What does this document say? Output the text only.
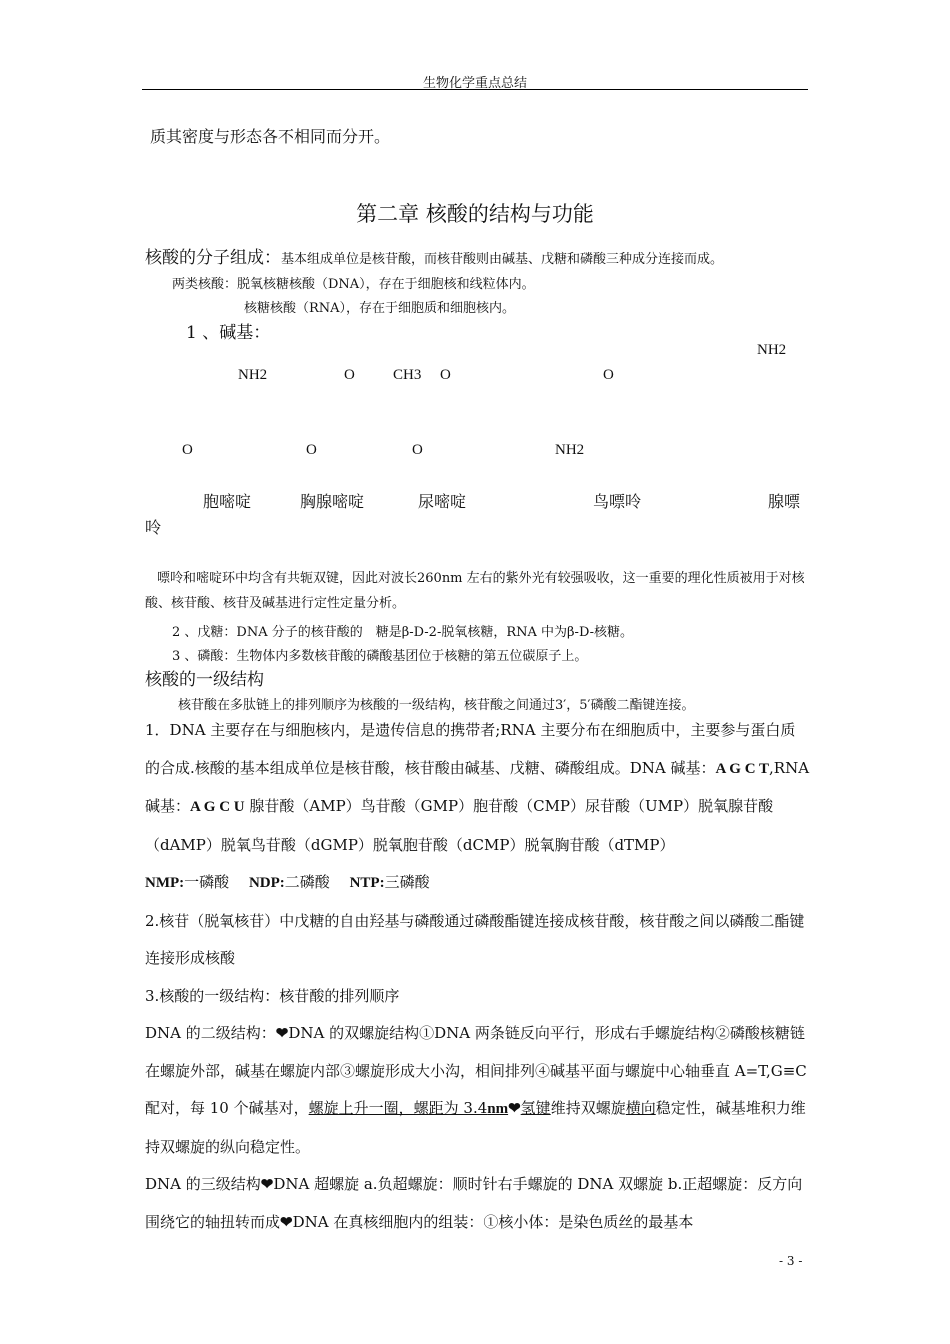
生物化学重点总结
质其密度与形态各不相同而分开。
第二章 核酸的结构与功能
核酸的分子组成：基本组成单位是核苷酸，而核苷酸则由碱基、戊糖和磷酸三种成分连接而成。
两类核酸：脱氧核糖核酸（DNA），存在于细胞核和线粒体内。
核糖核酸（RNA），存在于细胞质和细胞核内。
1 、碱基：
NH2
NH2	O	CH3 O	O
O	O	O	NH2
胞嘧啶	胸腺嘧啶	尿嘧啶	鸟嘌呤	腺嘌
呤
嘌呤和嘧啶环中均含有共轭双键，因此对波长260nm 左右的紫外光有较强吸收，这一重要的理化性质被用于对核酸、核苷酸、核苷及碱基进行定性定量分析。
2 、戊糖：DNA 分子的核苷酸的　糖是β-D-2-脱氧核糖，RNA 中为β-D-核糖。
3 、磷酸：生物体内多数核苷酸的磷酸基团位于核糖的第五位碳原子上。
核酸的一级结构
核苷酸在多肽链上的排列顺序为核酸的一级结构，核苷酸之间通过3′，5′磷酸二酯键连接。

1．DNA 主要存在与细胞核内，是遗传信息的携带者;RNA 主要分布在细胞质中，主要参与蛋白质的合成.核酸的基本组成单位是核苷酸，核苷酸由碱基、戊糖、磷酸组成。DNA 碱基：A G C T,RNA 碱基：A G C U 腺苷酸（AMP）鸟苷酸（GMP）胞苷酸（CMP）尿苷酸（UMP）脱氧腺苷酸（dAMP）脱氧鸟苷酸（dGMP）脱氧胞苷酸（dCMP）脱氧胸苷酸（dTMP）

NMP:一磷酸　 NDP:二磷酸　 NTP:三磷酸

2.核苷（脱氧核苷）中戊糖的自由羟基与磷酸通过磷酸酯键连接成核苷酸，核苷酸之间以磷酸二酯键连接形成核酸

3.核酸的一级结构：核苷酸的排列顺序

DNA 的二级结构：❤DNA 的双螺旋结构①DNA 两条链反向平行，形成右手螺旋结构②磷酸核糖链在螺旋外部，碱基在螺旋内部③螺旋形成大小沟，相间排列④碱基平面与螺旋中心轴垂直 A=T,G≡C 配对，每 10 个碱基对，螺旋上升一圈，螺距为 3.4nm❤氢键维持双螺旋横向稳定性，碱基堆积力维持双螺旋的纵向稳定性。

DNA 的三级结构❤DNA 超螺旋 a.负超螺旋：顺时针右手螺旋的 DNA 双螺旋 b.正超螺旋：反方向围绕它的轴扭转而成❤DNA 在真核细胞内的组装：①核小体：是染色质丝的最基本

- 3 -
